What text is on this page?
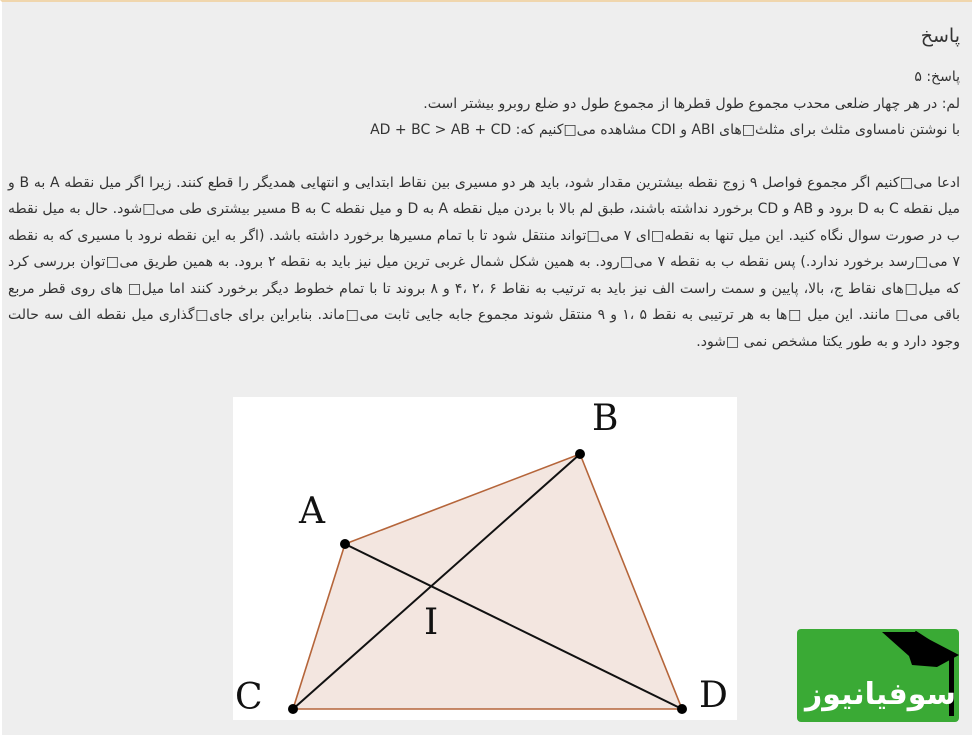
پاسخ

پاسخ: ۵

لم: در هر چهار ضلعی محدب مجموع طول قطرها از مجموع طول دو ضلع روبرو بیشتر است.

با نوشتن نامساوی مثلث برای مثلث□های ABI و CDI مشاهده می□کنیم که: AD + BC > AB + CD

ادعا می□کنیم اگر مجموع فواصل ۹ زوج نقطه بیشترین مقدار شود، باید هر دو مسیری بین نقاط ابتدایی و انتهایی همدیگر را قطع کنند. زیرا اگر میل نقطه A به B و میل نقطه C به D برود و AB و CD برخورد نداشته باشند، طبق لم بالا با بردن میل نقطه A به D و میل نقطه C به B مسیر بیشتری طی می□شود. حال به میل نقطه ب در صورت سوال نگاه کنید. این میل تنها به نقطه□ای ۷ می□تواند منتقل شود تا با تمام مسیرها برخورد داشته باشد. (اگر به این نقطه نرود با مسیری که به نقطه ۷ می□رسد برخورد ندارد.) پس نقطه ب به نقطه ۷ می□رود. به همین شکل شمال غربی ترین میل نیز باید به نقطه ۲ برود. به همین طریق می□توان بررسی کرد که میل□های نقاط ج، بالا، پایین و سمت راست الف نیز باید به ترتیب به نقاط ۶ ،۲ ،۴ و ۸ بروند تا با تمام خطوط دیگر برخورد کنند اما میل□ های روی قطر مربع باقی می□ مانند. این میل □ها به هر ترتیبی به نقط ۵ ،۱ و ۹ منتقل شوند مجموع جابه جایی ثابت می□ماند. بنابراین برای جای□گذاری میل نقطه الف سه حالت وجود دارد و به طور یکتا مشخص نمی □شود.

A
B
C	D
I
سوفیانیوز
